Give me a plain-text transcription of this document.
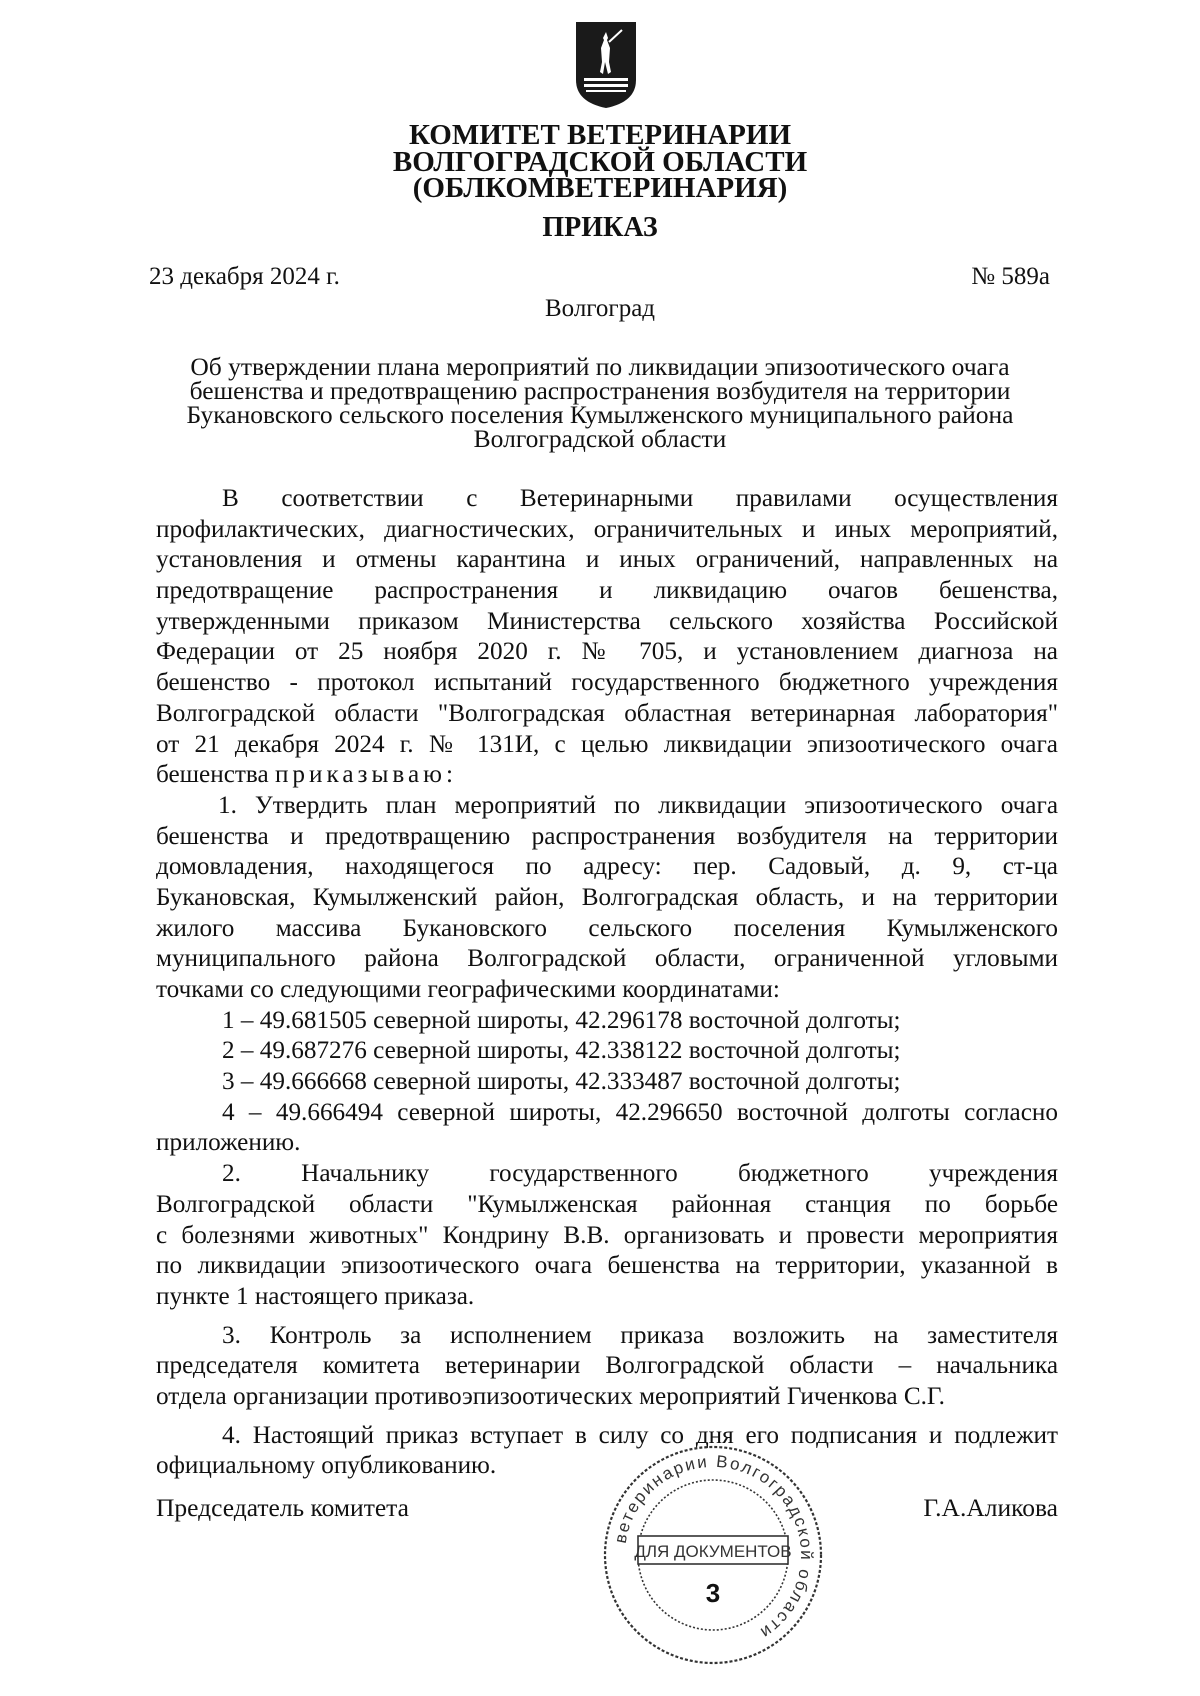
КОМИТЕТ ВЕТЕРИНАРИИ
ВОЛГОГРАДСКОЙ ОБЛАСТИ
(ОБЛКОМВЕТЕРИНАРИЯ)
ПРИКАЗ
23 декабря 2024 г.	№ 589а
Волгоград
Об утверждении плана мероприятий по ликвидации эпизоотического очага
бешенства и предотвращению распространения возбудителя на территории
Букановского сельского поселения Кумылженского муниципального района
Волгоградской области
В соответствии с Ветеринарными правилами осуществления
профилактических, диагностических, ограничительных и иных мероприятий,
установления и отмены карантина и иных ограничений, направленных на
предотвращение распространения и ликвидацию очагов бешенства,
утвержденными приказом Министерства сельского хозяйства Российской
Федерации от 25 ноября 2020 г. № 705, и установлением диагноза на
бешенство - протокол испытаний государственного бюджетного учреждения
Волгоградской области "Волгоградская областная ветеринарная лаборатория"
от 21 декабря 2024 г. № 131И, с целью ликвидации эпизоотического очага
бешенства приказываю:
1. Утвердить план мероприятий по ликвидации эпизоотического очага
бешенства и предотвращению распространения возбудителя на территории
домовладения, находящегося по адресу: пер. Садовый, д. 9, ст-ца
Букановская, Кумылженский район, Волгоградская область, и на территории
жилого массива Букановского сельского поселения Кумылженского
муниципального района Волгоградской области, ограниченной угловыми
точками со следующими географическими координатами:
1 – 49.681505 северной широты, 42.296178 восточной долготы;
2 – 49.687276 северной широты, 42.338122 восточной долготы;
3 – 49.666668 северной широты, 42.333487 восточной долготы;
4 – 49.666494 северной широты, 42.296650 восточной долготы согласно
приложению.
2. Начальнику государственного бюджетного учреждения
Волгоградской области "Кумылженская районная станция по борьбе
с болезнями животных" Кондрину В.В. организовать и провести мероприятия
по ликвидации эпизоотического очага бешенства на территории, указанной в
пункте 1 настоящего приказа.
3. Контроль за исполнением приказа возложить на заместителя
председателя комитета ветеринарии Волгоградской области – начальника
отдела организации противоэпизоотических мероприятий Гиченкова С.Г.
4. Настоящий приказ вступает в силу со дня его подписания и подлежит
официальному опубликованию.
Председатель комитета	Г.А.Аликова
ветеринарии Волгоградской области
ДЛЯ ДОКУМЕНТОВ
3
